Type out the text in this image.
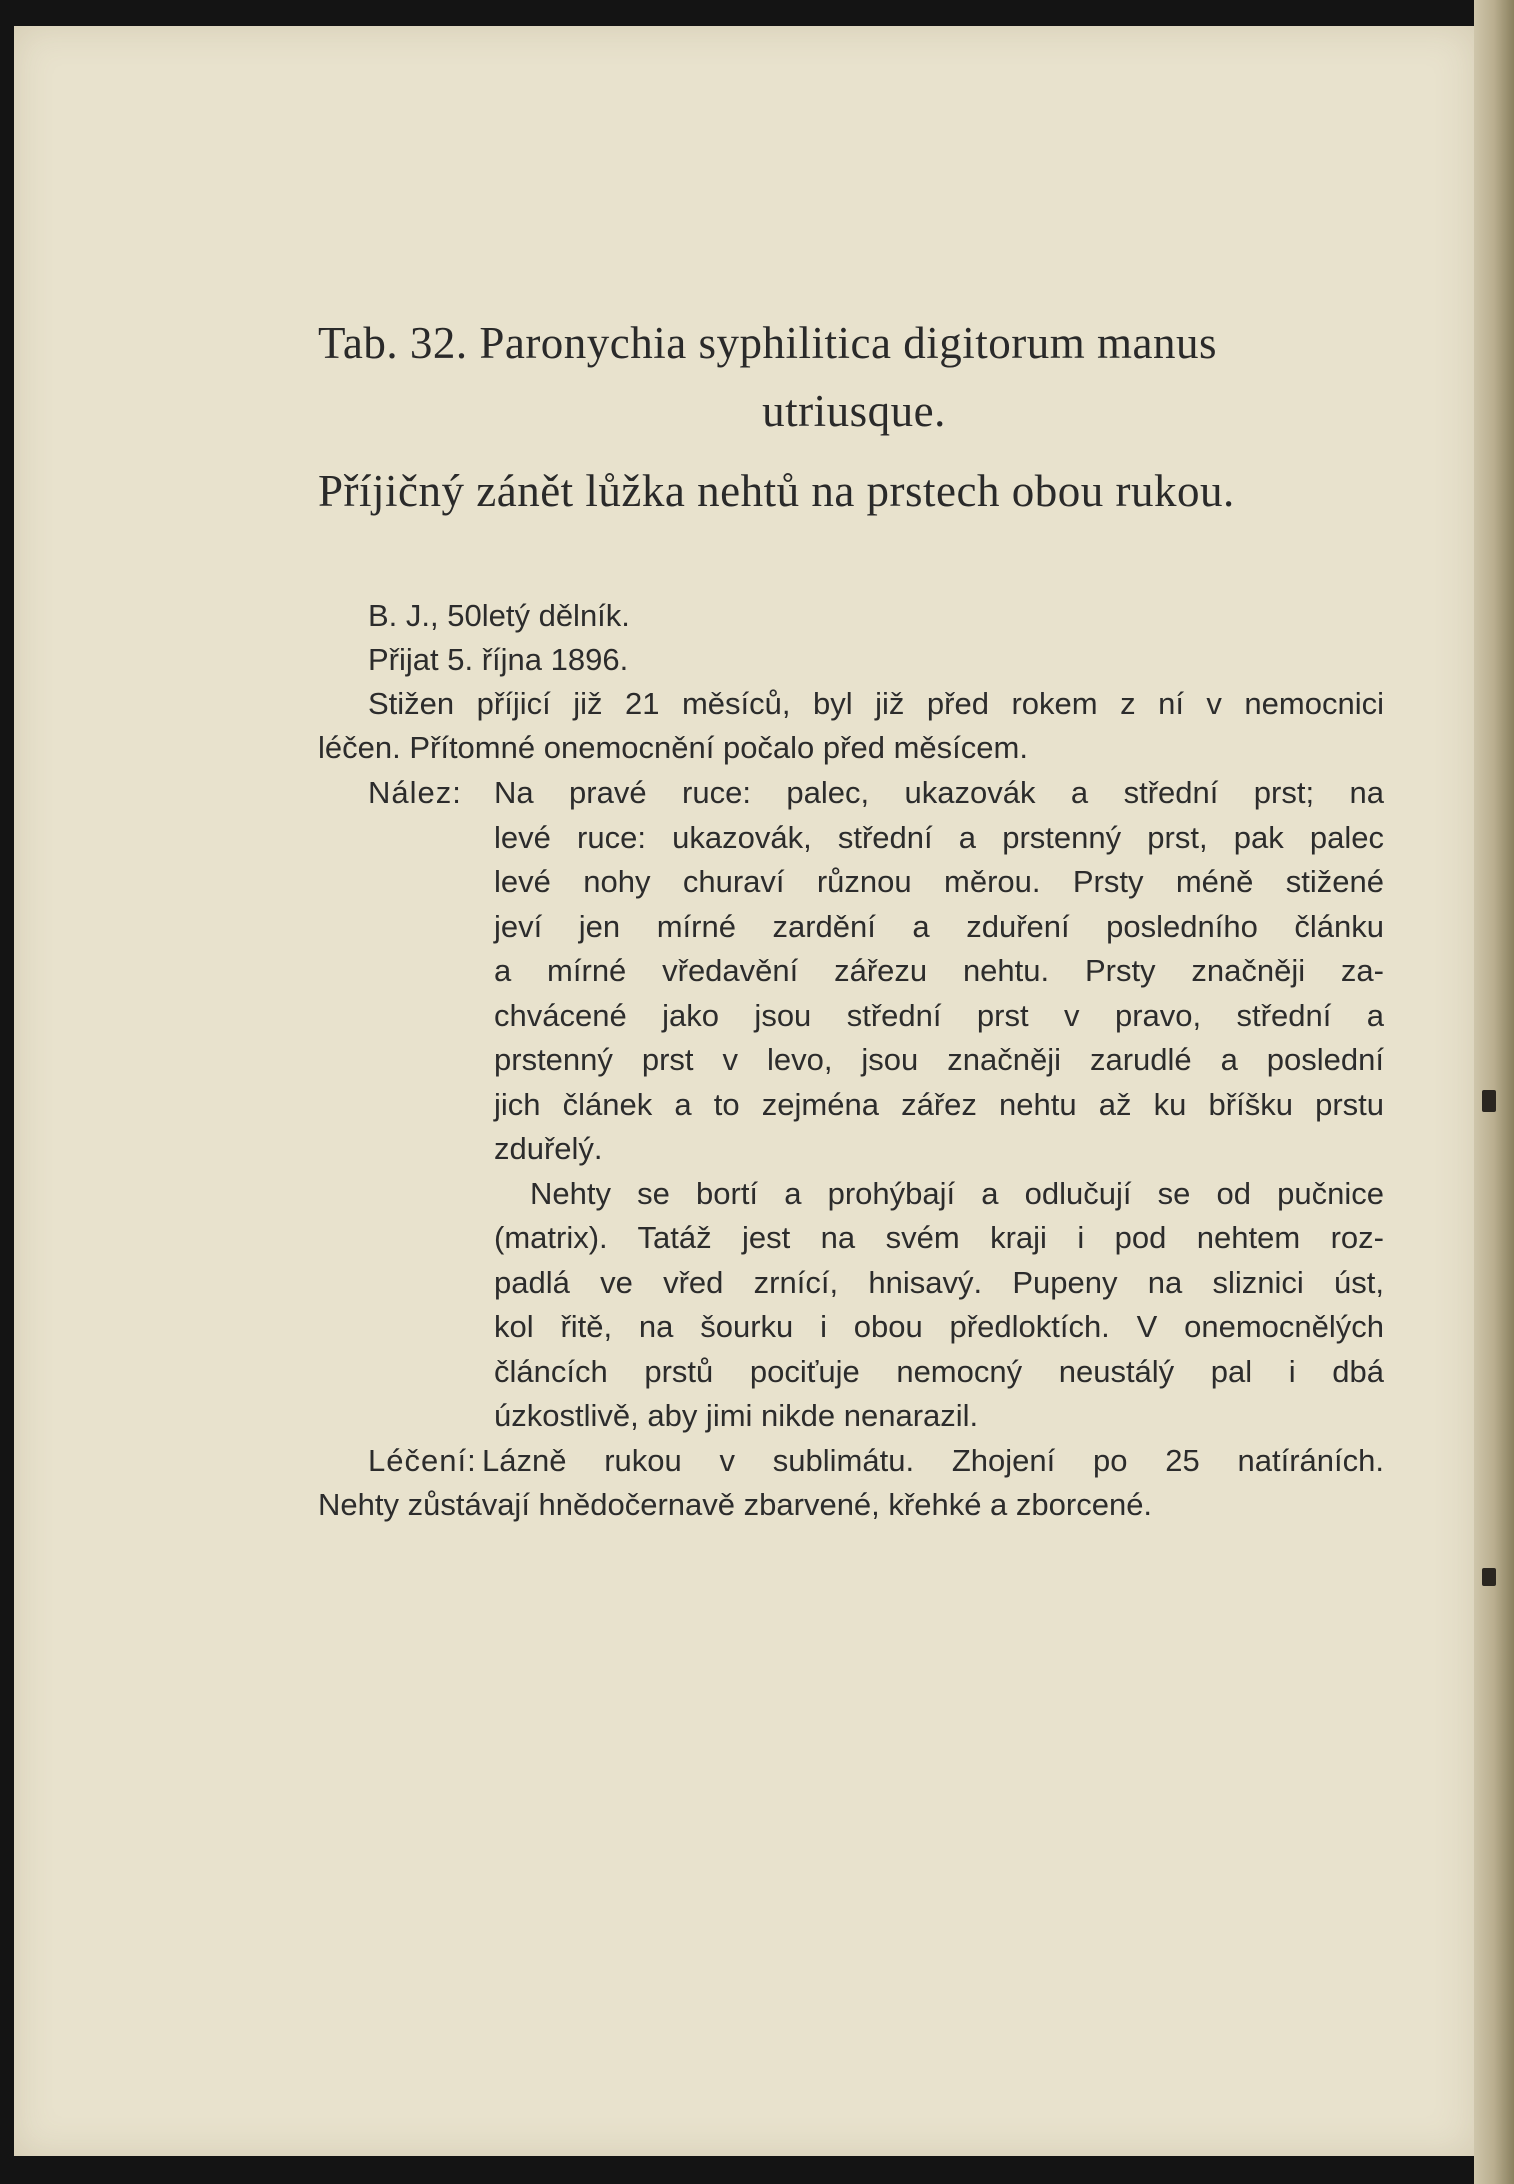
Tab. 32. Paronychia syphilitica digitorum manus
utriusque.
Příjičný zánět lůžka nehtů na prstech obou rukou.
B. J., 50letý dělník.
Přijat 5. října 1896.
Stižen příjicí již 21 měsíců, byl již před rokem z ní v nemocnici
léčen. Přítomné onemocnění počalo před měsícem.
Nález: Na pravé ruce: palec, ukazovák a střední prst; na
levé ruce: ukazovák, střední a prstenný prst, pak palec
levé nohy churaví různou měrou. Prsty méně stižené
jeví jen mírné zardění a zduření posledního článku
a mírné vředavění zářezu nehtu. Prsty značněji za-
chvácené jako jsou střední prst v pravo, střední a
prstenný prst v levo, jsou značněji zarudlé a poslední
jich článek a to zejména zářez nehtu až ku bříšku prstu
zduřelý.
Nehty se bortí a prohýbají a odlučují se od pučnice
(matrix). Tatáž jest na svém kraji i pod nehtem roz-
padlá ve vřed zrnící, hnisavý. Pupeny na sliznici úst,
kol řitě, na šourku i obou předloktích. V onemocnělých
článcích prstů pociťuje nemocný neustálý pal i dbá
úzkostlivě, aby jimi nikde nenarazil.
Léčení: Lázně rukou v sublimátu. Zhojení po 25 natíráních.
Nehty zůstávají hnědočernavě zbarvené, křehké a zborcené.
